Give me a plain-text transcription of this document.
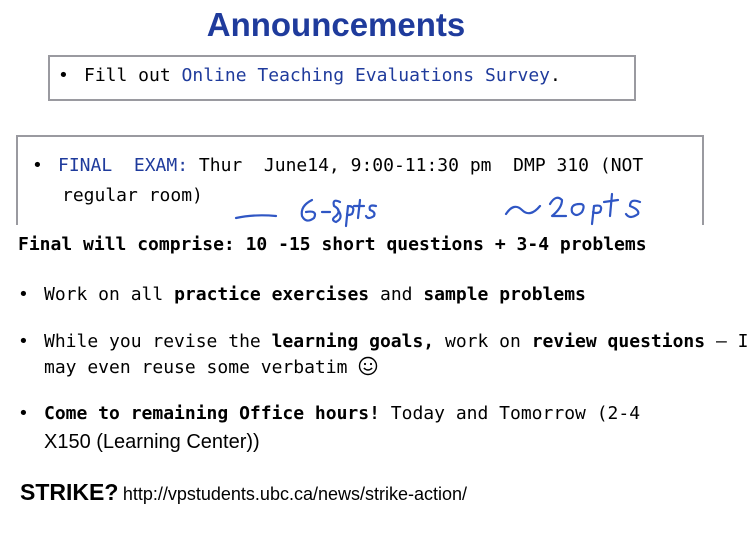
Announcements
• Fill out Online Teaching Evaluations Survey.
• FINAL  EXAM: Thur  June14, 9:00-11:30 pm  DMP 310 (NOT
regular room)
Final will comprise: 10 -15 short questions + 3-4 problems
• Work on all practice exercises and sample problems
• While you revise the learning goals, work on review questions – I
may even reuse some verbatim
• Come to remaining Office hours! Today and Tomorrow (2-4
X150 (Learning Center))
STRIKE? http://vpstudents.ubc.ca/news/strike-action/
